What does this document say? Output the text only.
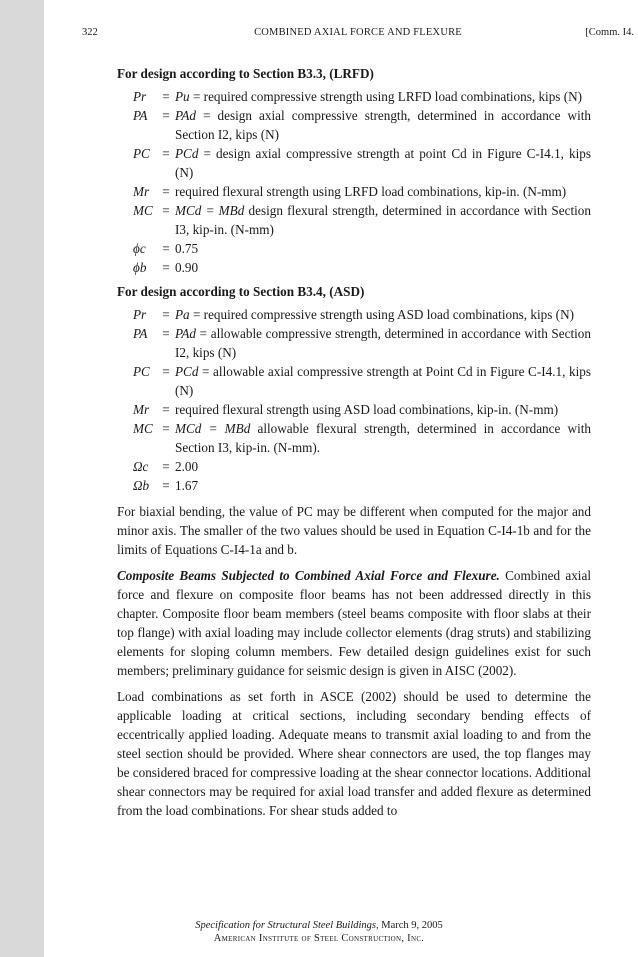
322	COMBINED AXIAL FORCE AND FLEXURE	[Comm. I4.
For design according to Section B3.3, (LRFD)
Pr	= Pu = required compressive strength using LRFD load combinations, kips (N)
PA	= PAd = design axial compressive strength, determined in accordance with Section I2, kips (N)
PC = PCd = design axial compressive strength at point Cd in Figure C-I4.1, kips (N)
Mr = required flexural strength using LRFD load combinations, kip-in. (N-mm)
MC = MCd = MBd design flexural strength, determined in accordance with Section I3, kip-in. (N-mm)
ϕc	= 0.75
ϕb	= 0.90
For design according to Section B3.4, (ASD)
Pr	= Pa = required compressive strength using ASD load combinations, kips (N)
PA	= PAd = allowable compressive strength, determined in accordance with Section I2, kips (N)
PC = PCd = allowable axial compressive strength at Point Cd in Figure C-I4.1, kips (N)
Mr = required flexural strength using ASD load combinations, kip-in. (N-mm)
MC = MCd = MBd allowable flexural strength, determined in accordance with Section I3, kip-in. (N-mm).
Ωc	= 2.00
Ωb = 1.67

For biaxial bending, the value of PC may be different when computed for the major and minor axis. The smaller of the two values should be used in Equation C-I4-1b and for the limits of Equations C-I4-1a and b.

Composite Beams Subjected to Combined Axial Force and Flexure. Combined axial force and flexure on composite floor beams has not been addressed directly in this chapter. Composite floor beam members (steel beams composite with floor slabs at their top flange) with axial loading may include collector elements (drag struts) and stabilizing elements for sloping column members. Few detailed design guidelines exist for such members; preliminary guidance for seismic design is given in AISC (2002).

Load combinations as set forth in ASCE (2002) should be used to determine the applicable loading at critical sections, including secondary bending effects of eccentrically applied loading. Adequate means to transmit axial loading to and from the steel section should be provided. Where shear connectors are used, the top flanges may be considered braced for compressive loading at the shear connector locations. Additional shear connectors may be required for axial load transfer and added flexure as determined from the load combinations. For shear studs added to

Specification for Structural Steel Buildings, March 9, 2005
American Institute of Steel Construction, Inc.
